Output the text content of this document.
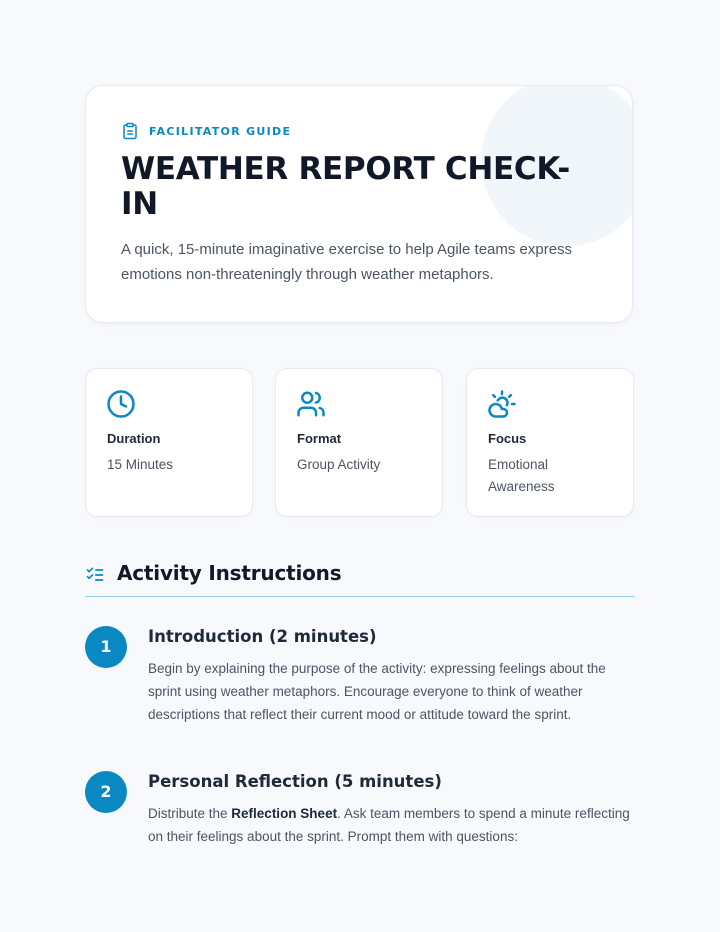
FACILITATOR GUIDE
WEATHER REPORT CHECK-IN

A quick, 15-minute imaginative exercise to help Agile teams express emotions non-threateningly through weather metaphors.

Duration
15 Minutes
Format
Group Activity
Focus
Emotional Awareness
Activity Instructions
1
Introduction (2 minutes)

Begin by explaining the purpose of the activity: expressing feelings about the sprint using weather metaphors. Encourage everyone to think of weather descriptions that reflect their current mood or attitude toward the sprint.

2
Personal Reflection (5 minutes)

Distribute the Reflection Sheet. Ask team members to spend a minute reflecting on their feelings about the sprint. Prompt them with questions:
